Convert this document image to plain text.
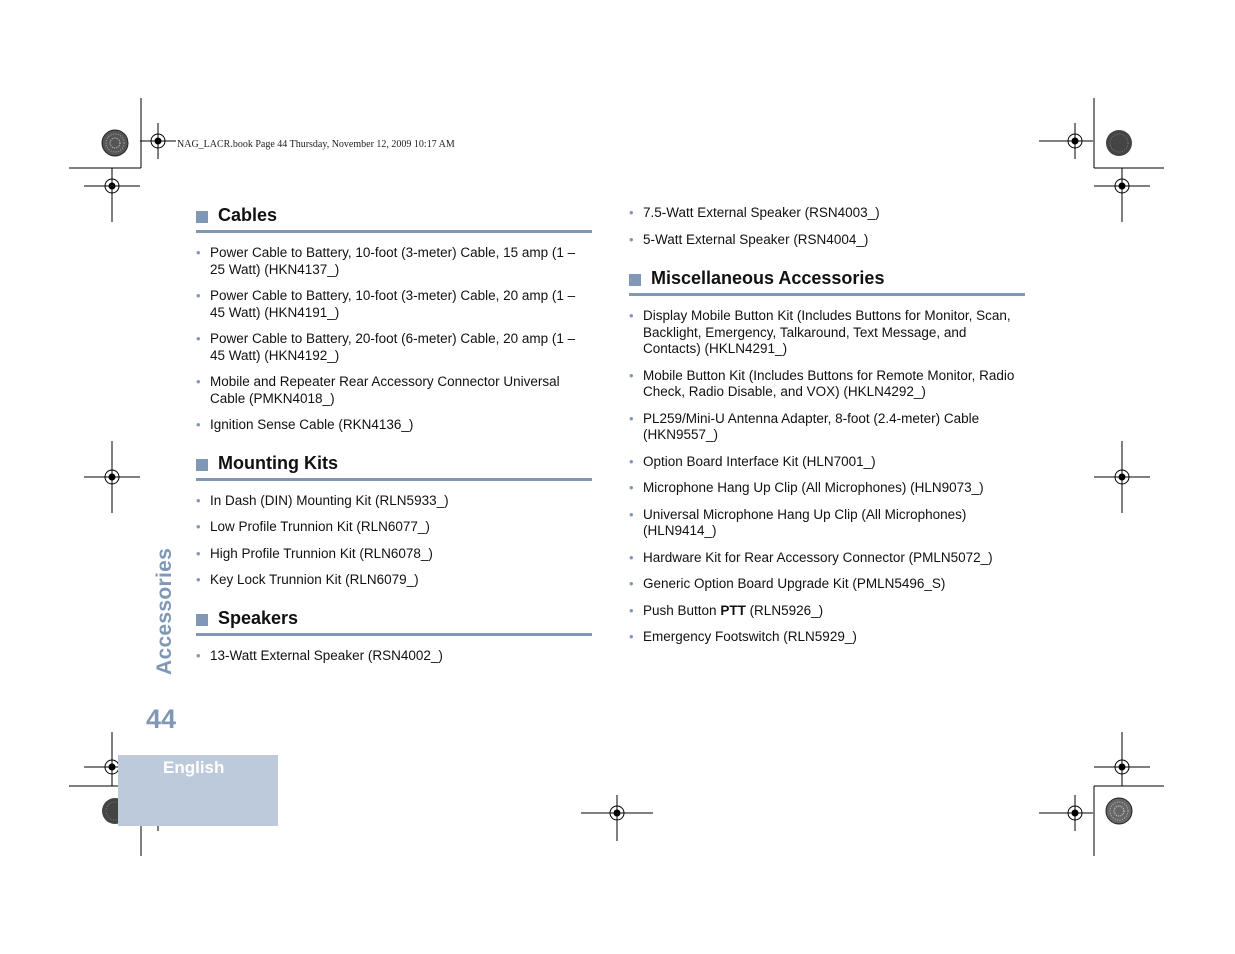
NAG_LACR.book Page 44 Thursday, November 12, 2009 10:17 AM
English
Accessories
44
Cables
• Power Cable to Battery, 10-foot (3-meter) Cable, 15 amp (1 – 25 Watt) (HKN4137_)
• Power Cable to Battery, 10-foot (3-meter) Cable, 20 amp (1 – 45 Watt) (HKN4191_)
• Power Cable to Battery, 20-foot (6-meter) Cable, 20 amp (1 – 45 Watt) (HKN4192_)
• Mobile and Repeater Rear Accessory Connector Universal Cable (PMKN4018_)
• Ignition Sense Cable (RKN4136_)
Mounting Kits
• In Dash (DIN) Mounting Kit (RLN5933_)
• Low Profile Trunnion Kit (RLN6077_)
• High Profile Trunnion Kit (RLN6078_)
• Key Lock Trunnion Kit (RLN6079_)
Speakers
• 13-Watt External Speaker (RSN4002_)
• 7.5-Watt External Speaker (RSN4003_)
• 5-Watt External Speaker (RSN4004_)
Miscellaneous Accessories
• Display Mobile Button Kit (Includes Buttons for Monitor, Scan, Backlight, Emergency, Talkaround, Text Message, and Contacts) (HKLN4291_)
• Mobile Button Kit (Includes Buttons for Remote Monitor, Radio Check, Radio Disable, and VOX) (HKLN4292_)
• PL259/Mini-U Antenna Adapter, 8-foot (2.4-meter) Cable (HKN9557_)
• Option Board Interface Kit (HLN7001_)
• Microphone Hang Up Clip (All Microphones) (HLN9073_)
• Universal Microphone Hang Up Clip (All Microphones) (HLN9414_)
• Hardware Kit for Rear Accessory Connector (PMLN5072_)
• Generic Option Board Upgrade Kit (PMLN5496_S)
• Push Button PTT (RLN5926_)
• Emergency Footswitch (RLN5929_)
